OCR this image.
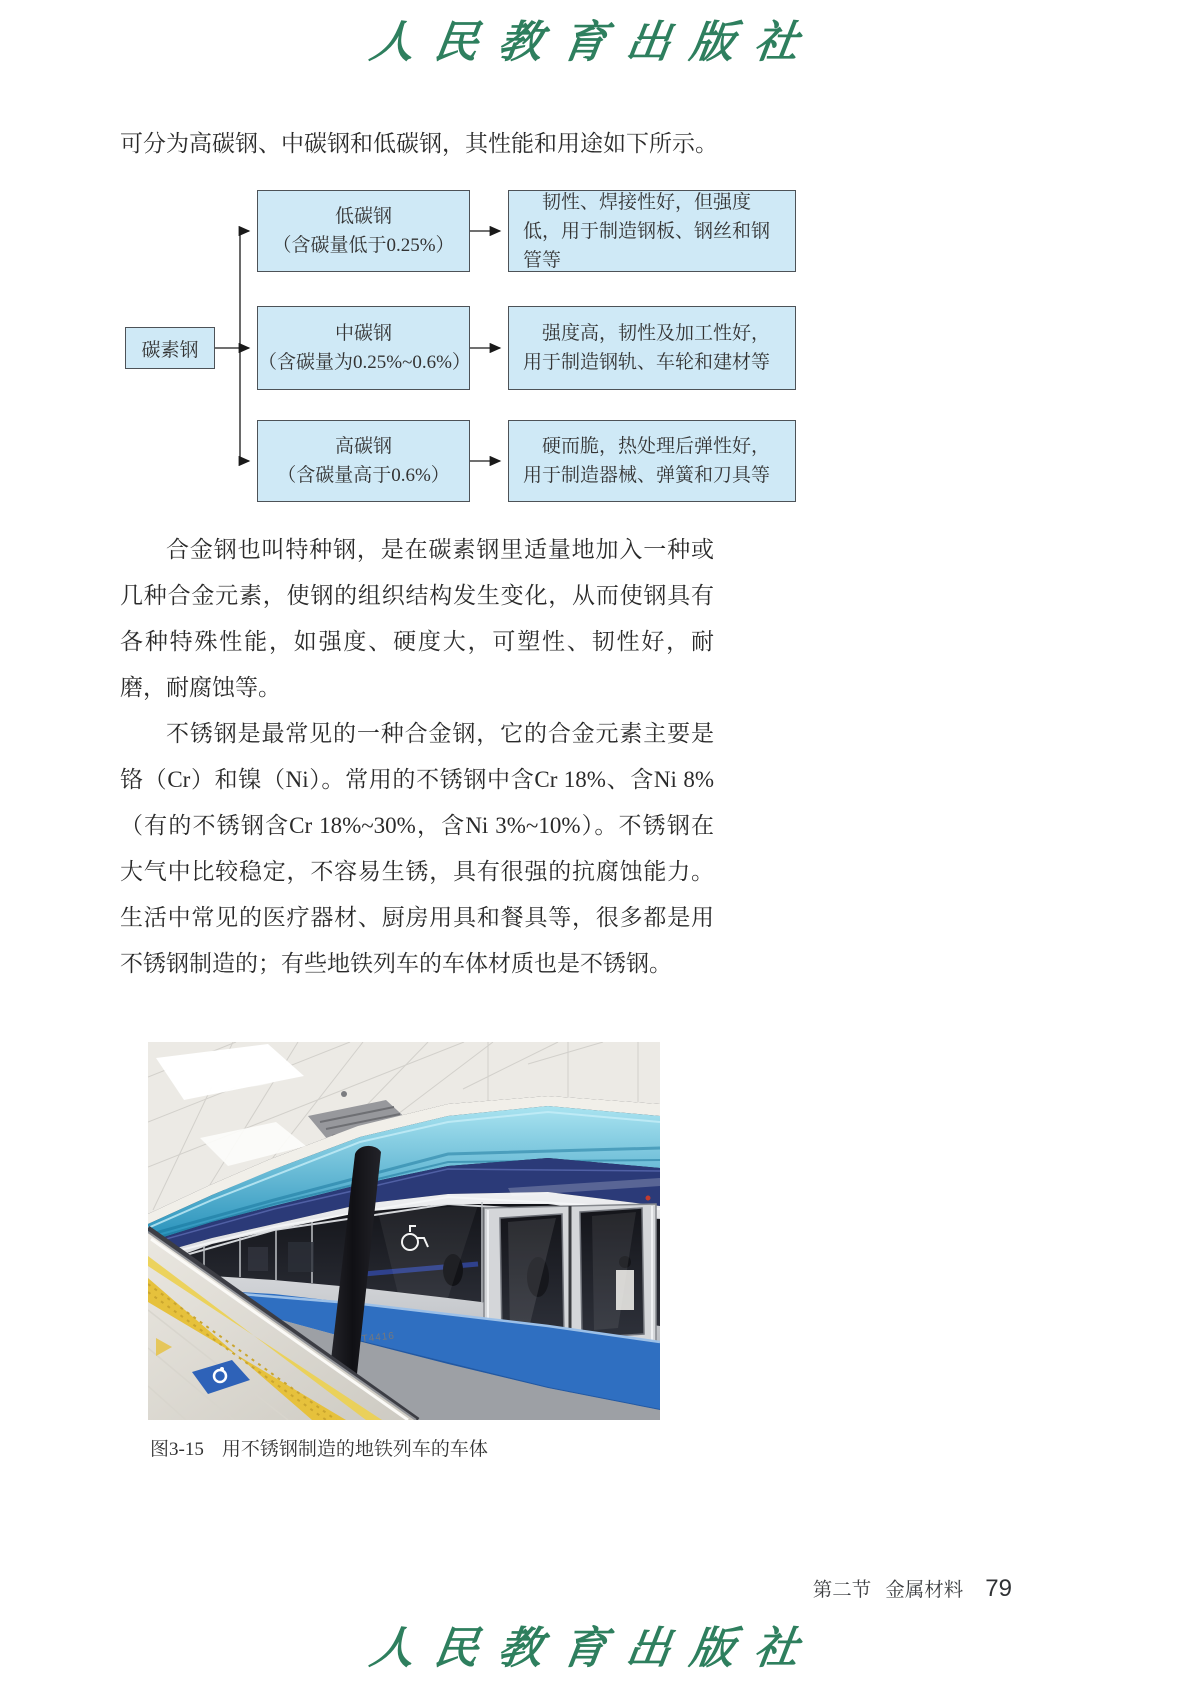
人民教育出版社

可分为高碳钢、中碳钢和低碳钢，其性能和用途如下所示。

碳素钢
低碳钢
（含碳量低于0.25%）
韧性、焊接性好，但强度低，用于制造钢板、钢丝和钢管等
中碳钢
（含碳量为0.25%~0.6%）
强度高，韧性及加工性好，用于制造钢轨、车轮和建材等
高碳钢
（含碳量高于0.6%）
硬而脆，热处理后弹性好，用于制造器械、弹簧和刀具等

合金钢也叫特种钢，是在碳素钢里适量地加入一种或几种合金元素，使钢的组织结构发生变化，从而使钢具有各种特殊性能，如强度、硬度大，可塑性、韧性好，耐磨，耐腐蚀等。

不锈钢是最常见的一种合金钢，它的合金元素主要是铬（Cr）和镍（Ni）。常用的不锈钢中含Cr 18%、含Ni 8%（有的不锈钢含Cr 18%~30%，含Ni 3%~10%）。不锈钢在大气中比较稳定，不容易生锈，具有很强的抗腐蚀能力。生活中常见的医疗器材、厨房用具和餐具等，很多都是用不锈钢制造的；有些地铁列车的车体材质也是不锈钢。

T4416
图3-15 用不锈钢制造的地铁列车的车体
第二节 金属材料 79
人民教育出版社
